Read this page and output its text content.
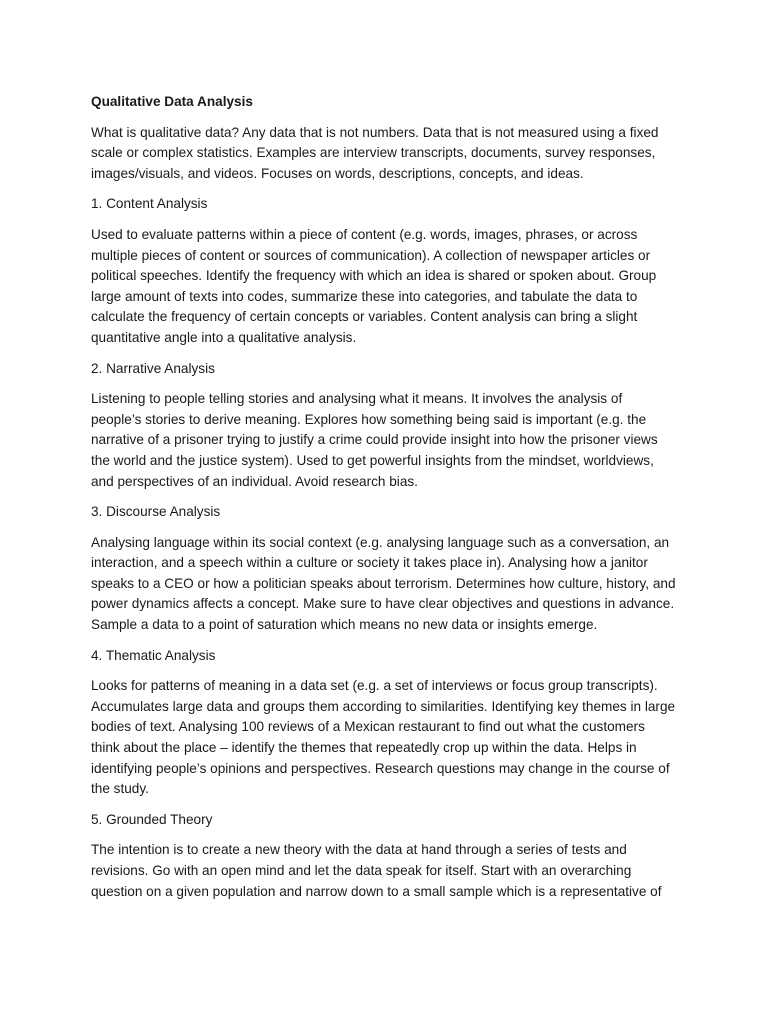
Qualitative Data Analysis

What is qualitative data? Any data that is not numbers. Data that is not measured using a fixed scale or complex statistics. Examples are interview transcripts, documents, survey responses, images/visuals, and videos. Focuses on words, descriptions, concepts, and ideas.

1. Content Analysis

Used to evaluate patterns within a piece of content (e.g. words, images, phrases, or across multiple pieces of content or sources of communication). A collection of newspaper articles or political speeches. Identify the frequency with which an idea is shared or spoken about. Group large amount of texts into codes, summarize these into categories, and tabulate the data to calculate the frequency of certain concepts or variables. Content analysis can bring a slight quantitative angle into a qualitative analysis.

2. Narrative Analysis

Listening to people telling stories and analysing what it means. It involves the analysis of people’s stories to derive meaning. Explores how something being said is important (e.g. the narrative of a prisoner trying to justify a crime could provide insight into how the prisoner views the world and the justice system). Used to get powerful insights from the mindset, worldviews, and perspectives of an individual. Avoid research bias.

3. Discourse Analysis

Analysing language within its social context (e.g. analysing language such as a conversation, an interaction, and a speech within a culture or society it takes place in). Analysing how a janitor speaks to a CEO or how a politician speaks about terrorism. Determines how culture, history, and power dynamics affects a concept. Make sure to have clear objectives and questions in advance. Sample a data to a point of saturation which means no new data or insights emerge.

4. Thematic Analysis

Looks for patterns of meaning in a data set (e.g. a set of interviews or focus group transcripts). Accumulates large data and groups them according to similarities. Identifying key themes in large bodies of text. Analysing 100 reviews of a Mexican restaurant to find out what the customers think about the place – identify the themes that repeatedly crop up within the data. Helps in identifying people’s opinions and perspectives. Research questions may change in the course of the study.

5. Grounded Theory

The intention is to create a new theory with the data at hand through a series of tests and revisions. Go with an open mind and let the data speak for itself. Start with an overarching question on a given population and narrow down to a small sample which is a representative of
